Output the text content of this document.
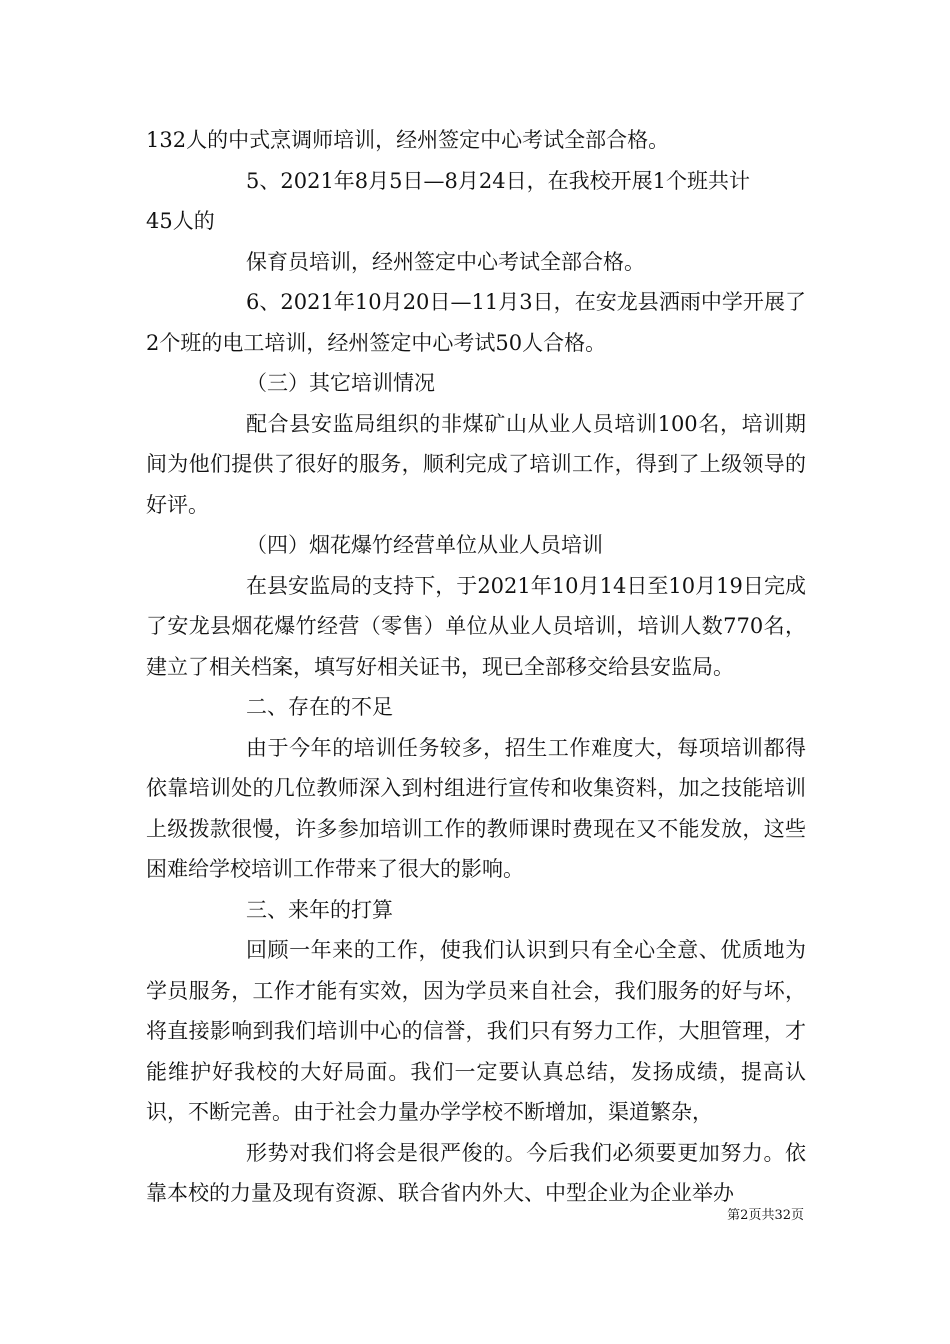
132人的中式烹调师培训，经州签定中心考试全部合格。

5、2021年8月5日—8月24日，在我校开展1个班共计

45人的

保育员培训，经州签定中心考试全部合格。

6、2021年10月20日—11月3日，在安龙县洒雨中学开展了2个班的电工培训，经州签定中心考试50人合格。

（三）其它培训情况

配合县安监局组织的非煤矿山从业人员培训100名，培训期间为他们提供了很好的服务，顺利完成了培训工作，得到了上级领导的好评。

（四）烟花爆竹经营单位从业人员培训

在县安监局的支持下，于2021年10月14日至10月19日完成了安龙县烟花爆竹经营（零售）单位从业人员培训，培训人数770名，建立了相关档案，填写好相关证书，现已全部移交给县安监局。

二、存在的不足

由于今年的培训任务较多，招生工作难度大，每项培训都得依靠培训处的几位教师深入到村组进行宣传和收集资料，加之技能培训上级拨款很慢，许多参加培训工作的教师课时费现在又不能发放，这些困难给学校培训工作带来了很大的影响。

三、来年的打算

回顾一年来的工作，使我们认识到只有全心全意、优质地为学员服务，工作才能有实效，因为学员来自社会，我们服务的好与坏，将直接影响到我们培训中心的信誉，我们只有努力工作，大胆管理，才能维护好我校的大好局面。我们一定要认真总结，发扬成绩，提高认识，不断完善。由于社会力量办学学校不断增加，渠道繁杂，

形势对我们将会是很严俊的。今后我们必须要更加努力。依靠本校的力量及现有资源、联合省内外大、中型企业为企业举办

第2页共32页
